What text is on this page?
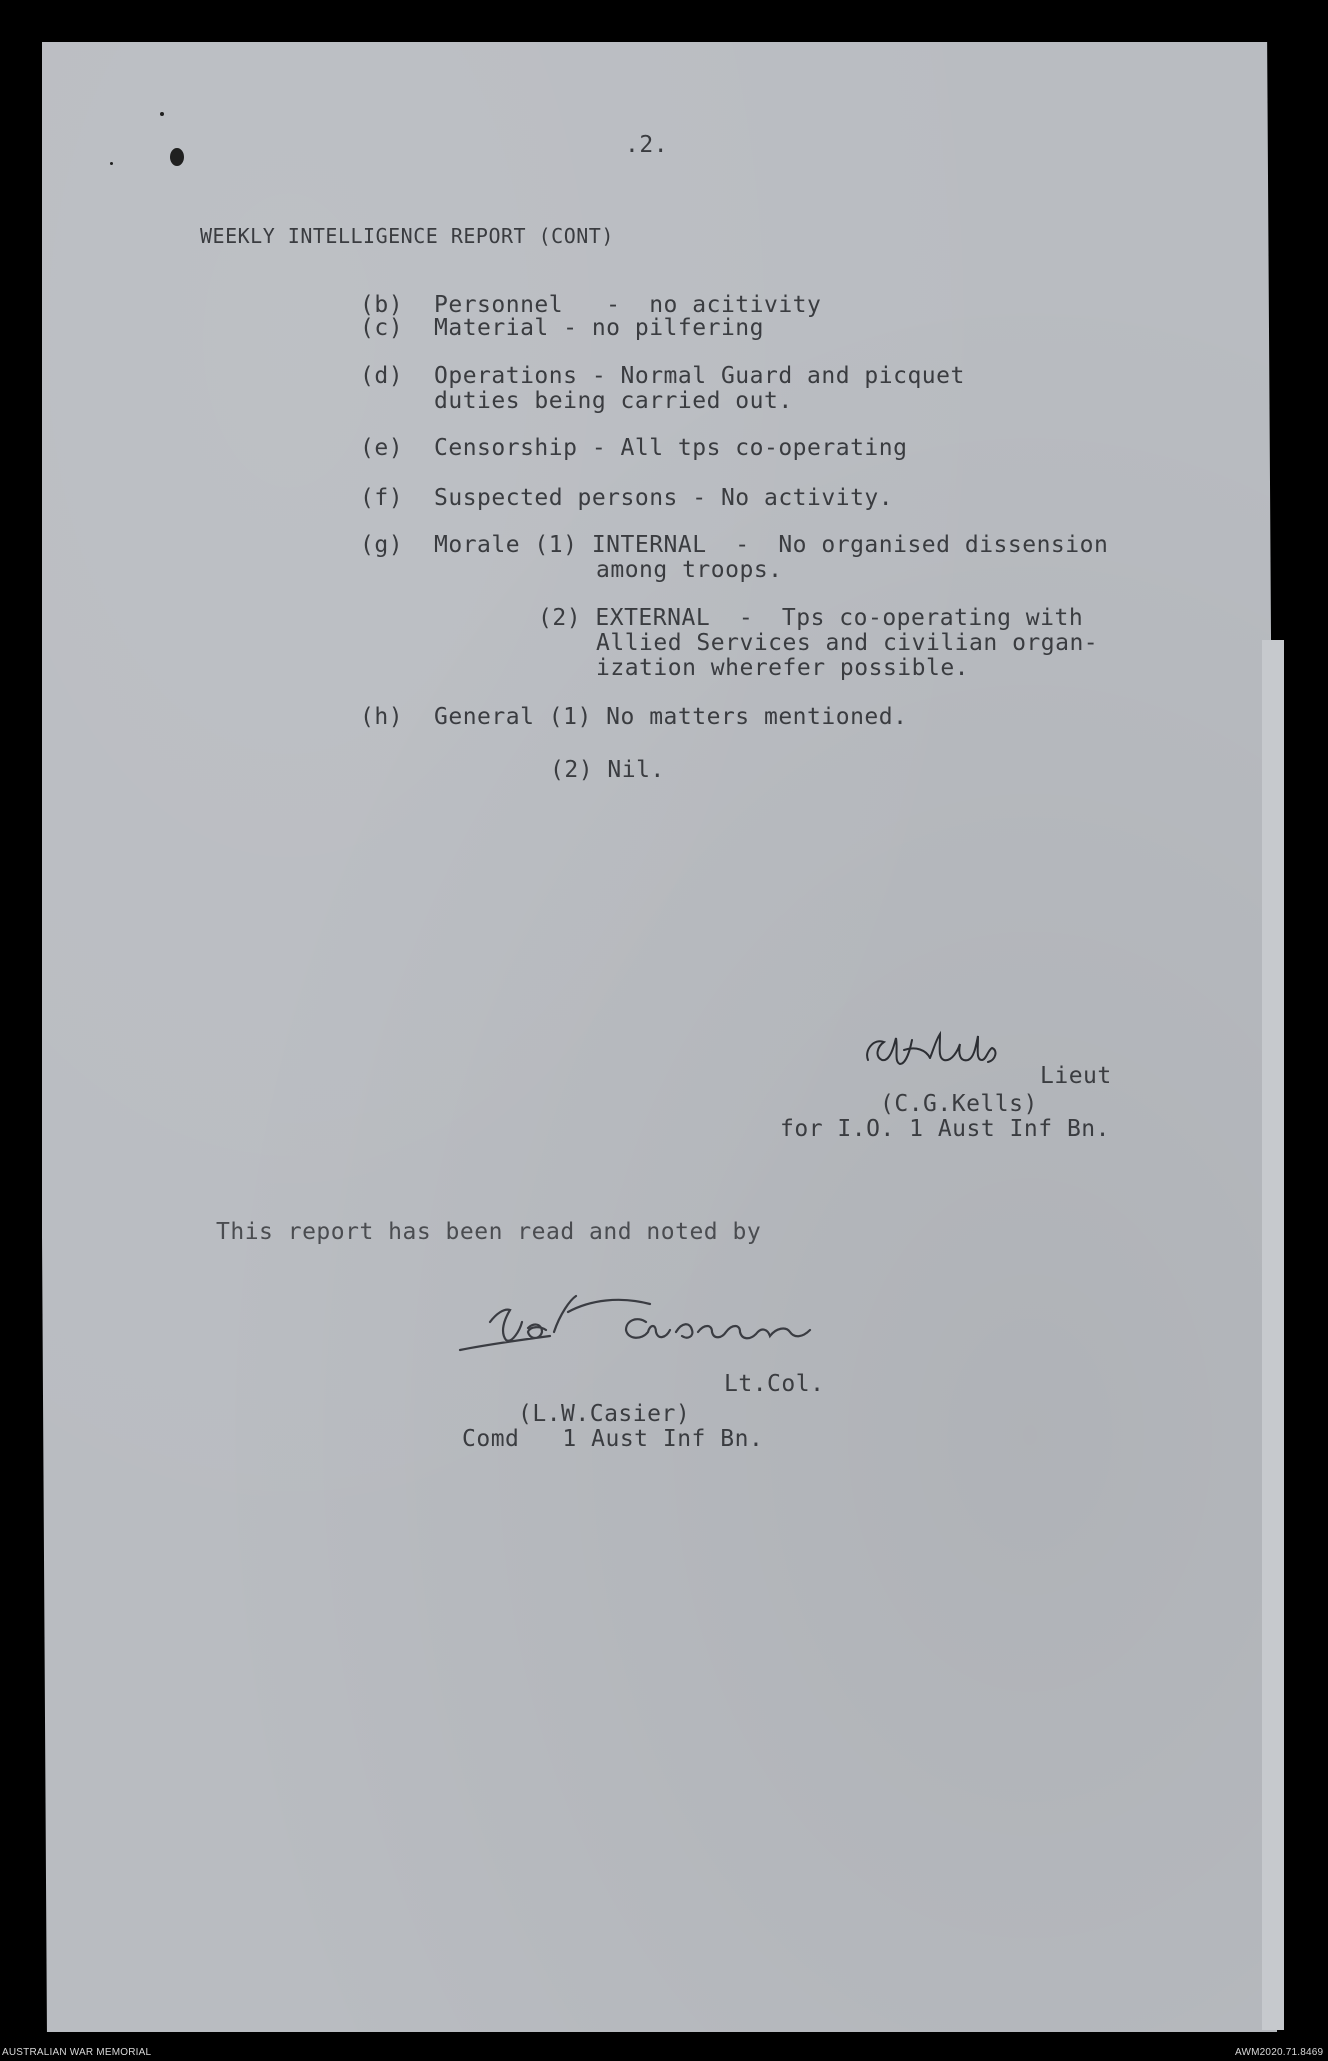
.2.
WEEKLY INTELLIGENCE REPORT (CONT)
(b) Personnel   -  no acitivity
(c) Material - no pilfering
(d) Operations - Normal Guard and picquet
duties being carried out.
(e) Censorship - All tps co-operating
(f) Suspected persons - No activity.
(g) Morale (1) INTERNAL  -  No organised dissension
among troops.
(2) EXTERNAL  -  Tps co-operating with
Allied Services and civilian organ-
ization wherefer possible.
(h) General (1) No matters mentioned.
(2) Nil.
Lieut
(C.G.Kells)
for I.O. 1 Aust Inf Bn.
This report has been read and noted by
Lt.Col.
(L.W.Casier)
Comd   1 Aust Inf Bn.
AUSTRALIAN WAR MEMORIAL	AWM2020.71.8469
